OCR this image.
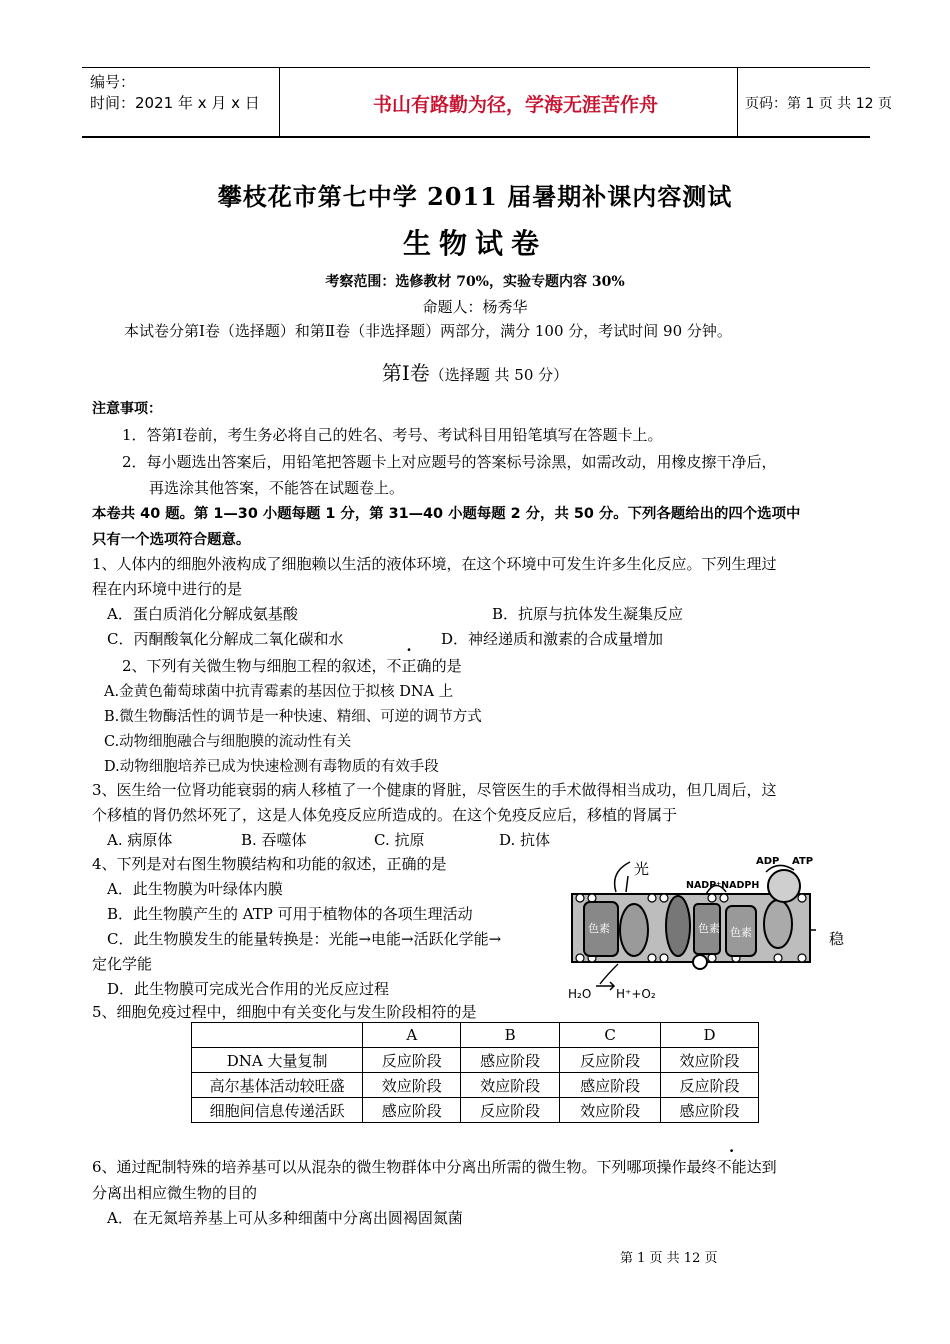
编号：
时间：2021 年 x 月 x 日	书山有路勤为径，学海无涯苦作舟	页码：第 1 页 共 12 页
攀枝花市第七中学 2011 届暑期补课内容测试
生物试卷
考察范围：选修教材 70%，实验专题内容 30%
命题人：杨秀华
本试卷分第Ⅰ卷（选择题）和第Ⅱ卷（非选择题）两部分，满分 100 分，考试时间 90 分钟。
第Ⅰ卷（选择题 共 50 分）
注意事项：
1．答第Ⅰ卷前，考生务必将自己的姓名、考号、考试科目用铅笔填写在答题卡上。
2．每小题选出答案后，用铅笔把答题卡上对应题号的答案标号涂黑，如需改动，用橡皮擦干净后，
再选涂其他答案，不能答在试题卷上。
本卷共 40 题。第 1—30 小题每题 1 分，第 31—40 小题每题 2 分，共 50 分。下列各题给出的四个选项中
只有一个选项符合题意。
1、人体内的细胞外液构成了细胞赖以生活的液体环境，在这个环境中可发生许多生化反应。下列生理过
程在内环境中进行的是
A．蛋白质消化分解成氨基酸	B．抗原与抗体发生凝集反应
C．丙酮酸氧化分解成二氧化碳和水	D．神经递质和激素的合成量增加
2、下列有关微生物与细胞工程的叙述，不正确的是
A.金黄色葡萄球菌中抗青霉素的基因位于拟核 DNA 上
B.微生物酶活性的调节是一种快速、精细、可逆的调节方式
C.动物细胞融合与细胞膜的流动性有关
D.动物细胞培养已成为快速检测有毒物质的有效手段
3、医生给一位肾功能衰弱的病人移植了一个健康的肾脏，尽管医生的手术做得相当成功，但几周后，这
个移植的肾仍然坏死了，这是人体免疫反应所造成的。在这个免疫反应后，移植的肾属于
A. 病原体	B. 吞噬体	C. 抗原	D. 抗体
4、下列是对右图生物膜结构和功能的叙述，正确的是
A．此生物膜为叶绿体内膜
B．此生物膜产生的 ATP 可用于植物体的各项生理活动
C．此生物膜发生的能量转换是：光能→电能→活跃化学能→	稳
定化学能
D．此生物膜可完成光合作用的光反应过程
光	ADP ATP
NADP⁺NADPH
色素	色素 色素
H₂O H⁺+O₂
5、细胞免疫过程中，细胞中有关变化与发生阶段相符的是
	A	B	C	D
DNA 大量复制	反应阶段	感应阶段	反应阶段	效应阶段
高尔基体活动较旺盛	效应阶段	效应阶段	感应阶段	反应阶段
细胞间信息传递活跃	感应阶段	反应阶段	效应阶段	感应阶段
6、通过配制特殊的培养基可以从混杂的微生物群体中分离出所需的微生物。下列哪项操作最终不能达到
分离出相应微生物的目的
A．在无氮培养基上可从多种细菌中分离出圆褐固氮菌
第 1 页 共 12 页
